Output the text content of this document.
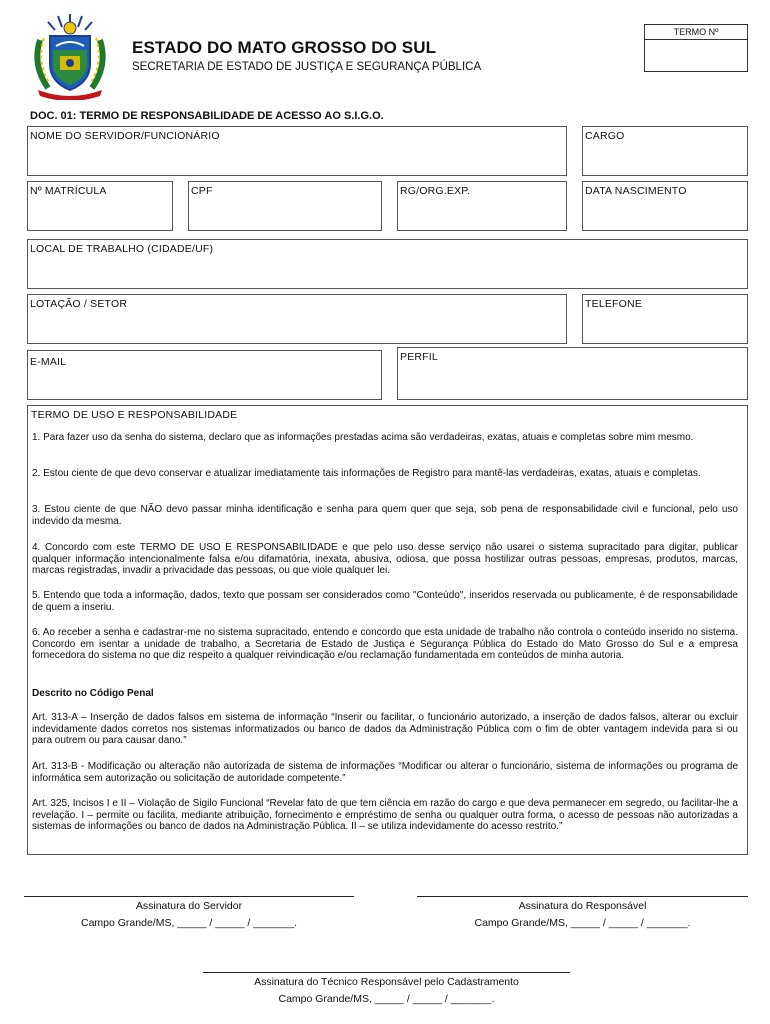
ESTADO DO MATO GROSSO DO SUL
SECRETARIA DE ESTADO DE JUSTIÇA E SEGURANÇA PÚBLICA
TERMO Nº
DOC. 01: TERMO DE RESPONSABILIDADE DE ACESSO AO S.I.G.O.
NOME DO SERVIDOR/FUNCIONÁRIO	CARGO
Nº MATRÍCULA	CPF	RG/ORG.EXP.	DATA NASCIMENTO
LOCAL DE TRABALHO (CIDADE/UF)
LOTAÇÃO / SETOR	TELEFONE
E-MAIL	PERFIL
TERMO DE USO E RESPONSABILIDADE
1. Para fazer uso da senha do sistema, declaro que as informações prestadas acima são verdadeiras, exatas, atuais e completas sobre mim mesmo.
2. Estou ciente de que devo conservar e atualizar imediatamente tais informações de Registro para mantê-las verdadeiras, exatas, atuais e completas.
3. Estou ciente de que NÃO devo passar minha identificação e senha para quem quer que seja, sob pena de responsabilidade civil e funcional, pelo uso indevido da mesma.
4. Concordo com este TERMO DE USO E RESPONSABILIDADE e que pelo uso desse serviço não usarei o sistema supracitado para digitar, publicar qualquer informação intencionalmente falsa e/ou difamatória, inexata, abusiva, odiosa, que possa hostilizar outras pessoas, empresas, produtos, marcas, marcas registradas, invadir a privacidade das pessoas, ou que viole qualquer lei.
5. Entendo que toda a informação, dados, texto que possam ser considerados como "Conteúdo", inseridos reservada ou publicamente, é de responsabilidade de quem a inseriu.
6. Ao receber a senha e cadastrar-me no sistema supracitado, entendo e concordo que esta unidade de trabalho não controla o conteúdo inserido no sistema. Concordo em isentar a unidade de trabalho, a Secretaria de Estado de Justiça e Segurança Pública do Estado do Mato Grosso do Sul e a empresa fornecedora do sistema no que diz respeito a qualquer reivindicação e/ou reclamação fundamentada em conteúdos de minha autoria.
Descrito no Código Penal
Art. 313-A – Inserção de dados falsos em sistema de informação “Inserir ou facilitar, o funcionário autorizado, a inserção de dados falsos, alterar ou excluir indevidamente dados corretos nos sistemas informatizados ou banco de dados da Administração Pública com o fim de obter vantagem indevida para si ou para outrem ou para causar dano.”
Art. 313-B - Modificação ou alteração não autorizada de sistema de informações “Modificar ou alterar o funcionário, sistema de informações ou programa de informática sem autorização ou solicitação de autoridade competente.”
Art. 325, Incisos I e II – Violação de Sigilo Funcional “Revelar fato de que tem ciência em razão do cargo e que deva permanecer em segredo, ou facilitar-lhe a revelação. I – permite ou facilita, mediante atribuição, fornecimento e empréstimo de senha ou qualquer outra forma, o acesso de pessoas não autorizadas a sistemas de informações ou banco de dados na Administração Pública. II – se utiliza indevidamente do acesso restrito.”
Assinatura do Servidor
Campo Grande/MS, _____ / _____ / _______.
Assinatura do Responsável
Campo Grande/MS, _____ / _____ / _______.
Assinatura do Técnico Responsável pelo Cadastramento
Campo Grande/MS, _____ / _____ / _______.
